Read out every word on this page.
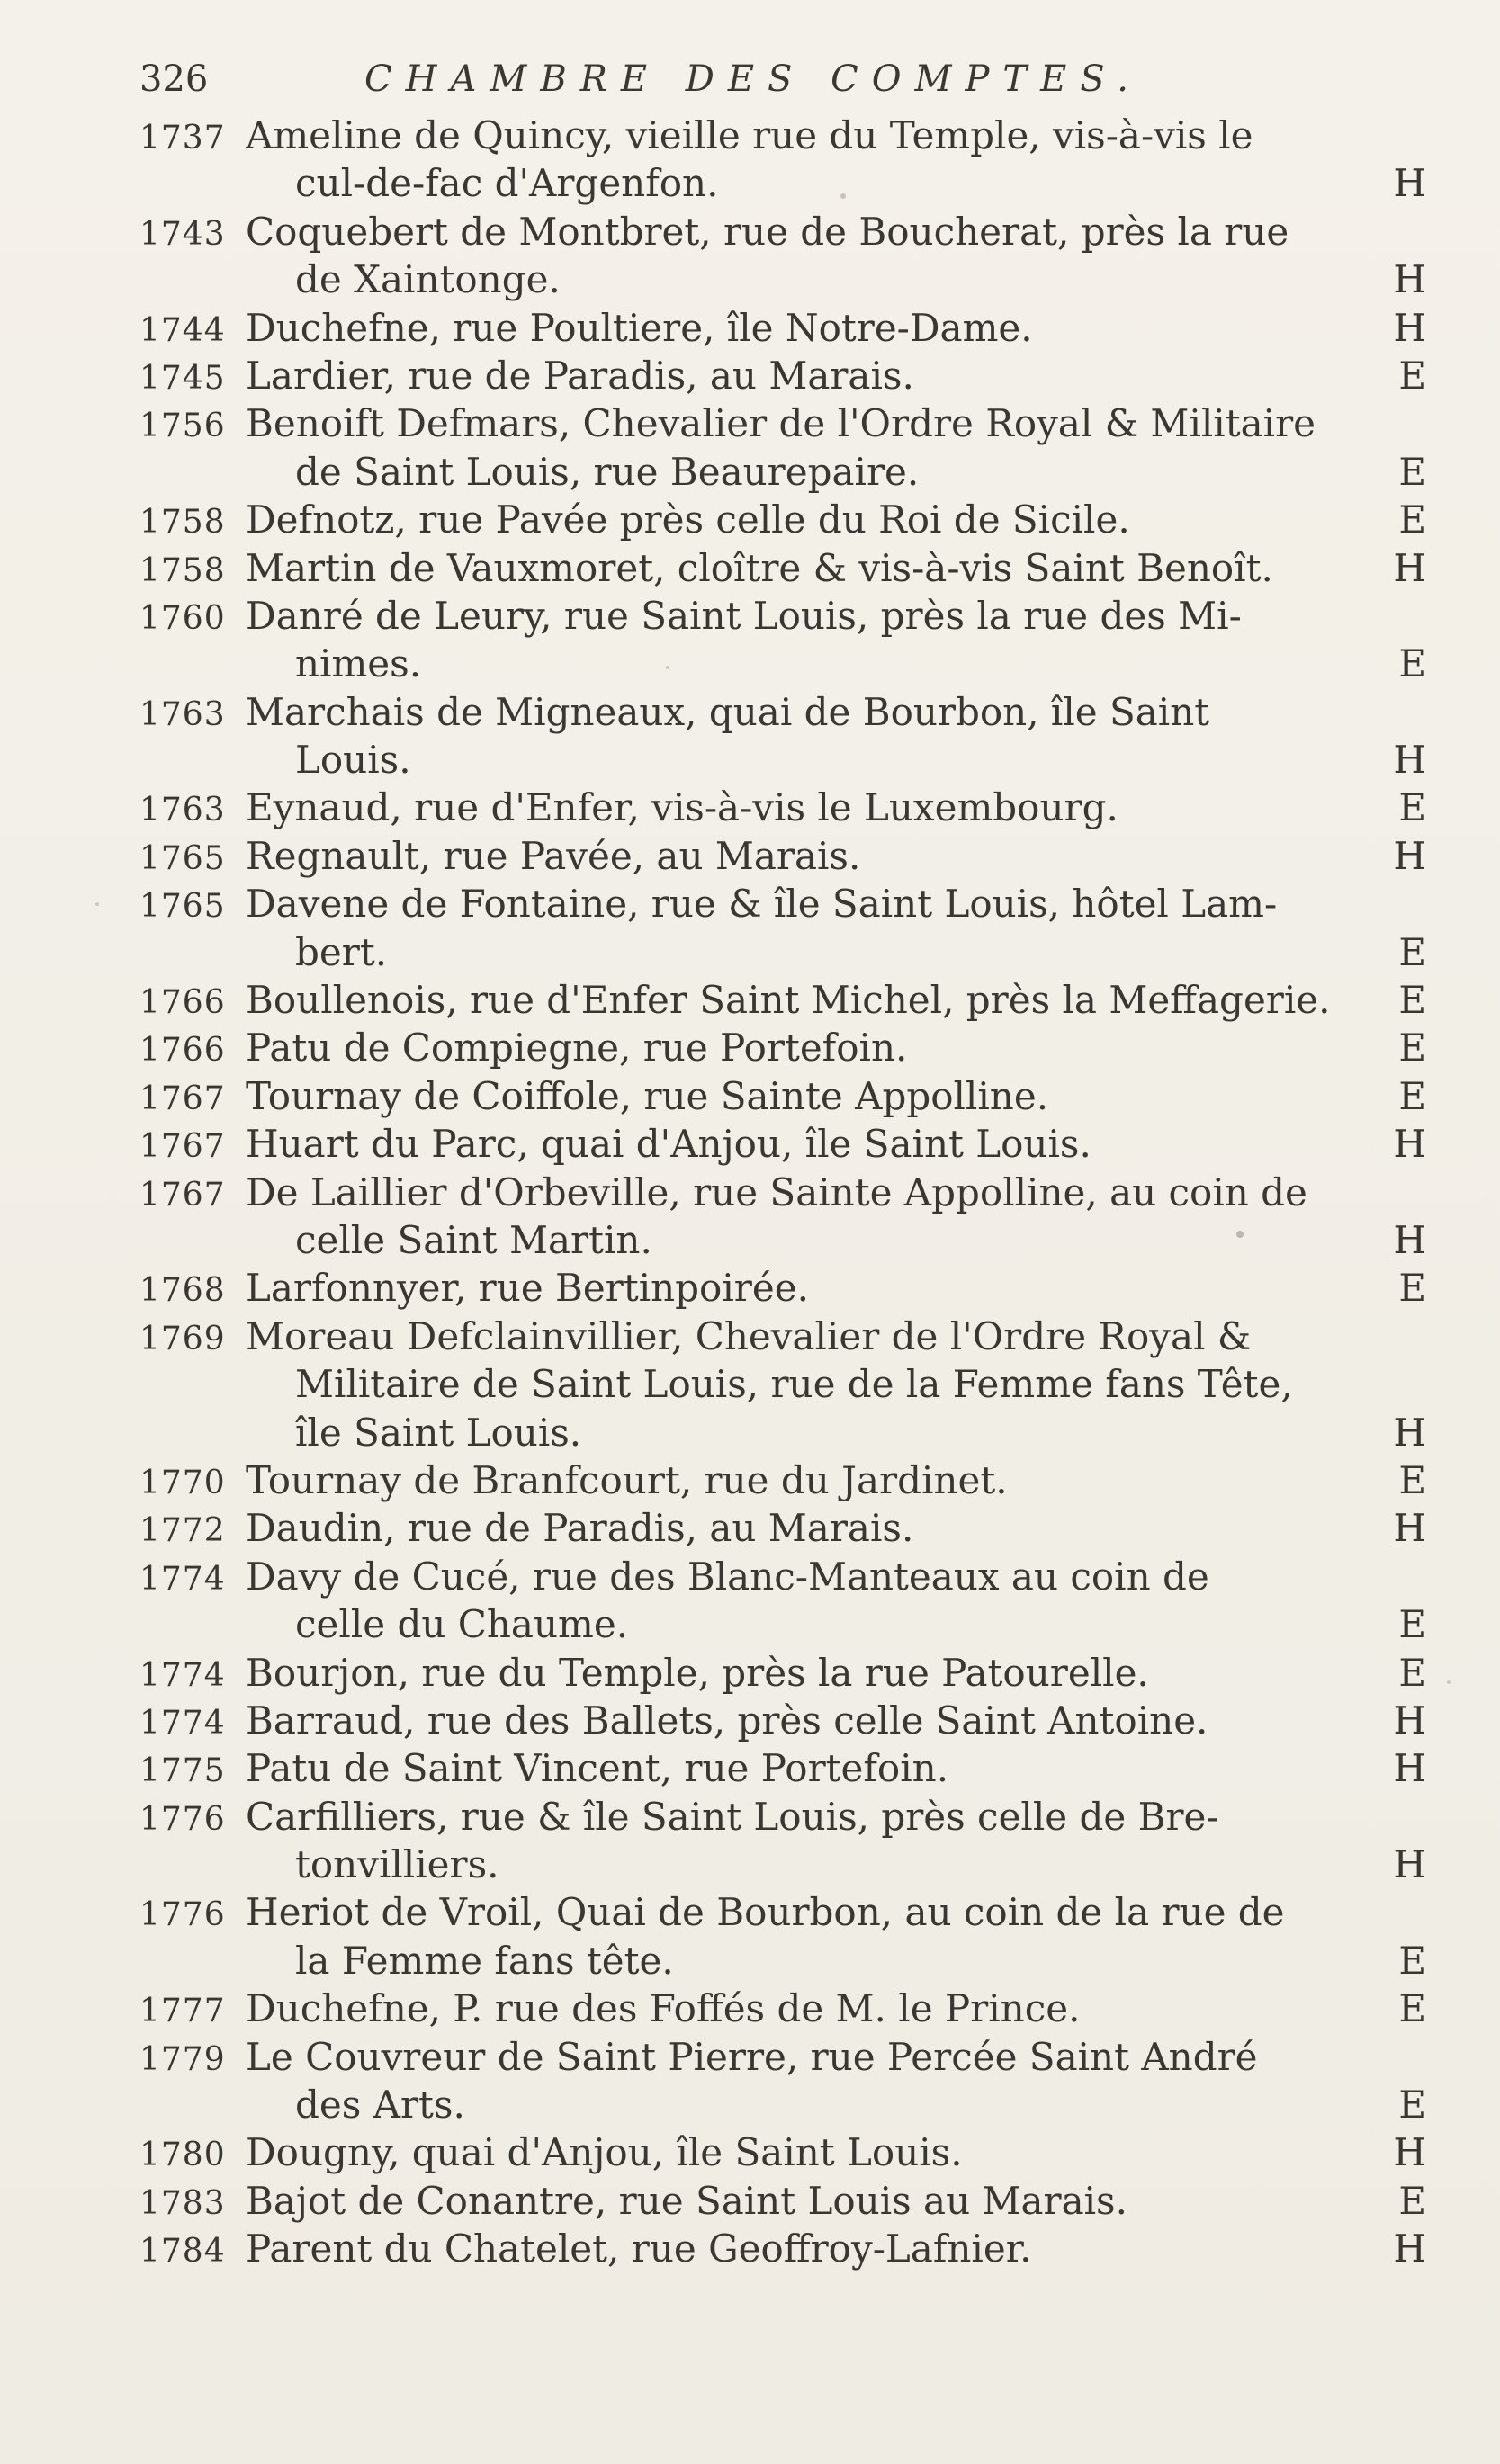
326	CHAMBRE DES COMPTES.
1737 Ameline de Quincy, vieille rue du Temple, vis-à-vis le
cul-de-fac d'Argenfon.	H
1743 Coquebert de Montbret, rue de Boucherat, près la rue
de Xaintonge.	H
1744 Duchefne, rue Poultiere, île Notre-Dame.	H
1745 Lardier, rue de Paradis, au Marais.	E
1756 Benoift Defmars, Chevalier de l'Ordre Royal & Militaire
de Saint Louis, rue Beaurepaire.	E
1758 Defnotz, rue Pavée près celle du Roi de Sicile.	E
1758 Martin de Vauxmoret, cloître & vis-à-vis Saint Benoît.	H
1760 Danré de Leury, rue Saint Louis, près la rue des Mi-
nimes.	E
1763 Marchais de Migneaux, quai de Bourbon, île Saint
Louis.	H
1763 Eynaud, rue d'Enfer, vis-à-vis le Luxembourg.	E
1765 Regnault, rue Pavée, au Marais.	H
1765 Davene de Fontaine, rue & île Saint Louis, hôtel Lam-
bert.	E
1766 Boullenois, rue d'Enfer Saint Michel, près la Meffagerie.	E
1766 Patu de Compiegne, rue Portefoin.	E
1767 Tournay de Coiffole, rue Sainte Appolline.	E
1767 Huart du Parc, quai d'Anjou, île Saint Louis.	H
1767 De Laillier d'Orbeville, rue Sainte Appolline, au coin de
celle Saint Martin.	H
1768 Larfonnyer, rue Bertinpoirée.	E
1769 Moreau Defclainvillier, Chevalier de l'Ordre Royal &
Militaire de Saint Louis, rue de la Femme fans Tête,
île Saint Louis.	H
1770 Tournay de Branfcourt, rue du Jardinet.	E
1772 Daudin, rue de Paradis, au Marais.	H
1774 Davy de Cucé, rue des Blanc-Manteaux au coin de
celle du Chaume.	E
1774 Bourjon, rue du Temple, près la rue Patourelle.	E
1774 Barraud, rue des Ballets, près celle Saint Antoine.	H
1775 Patu de Saint Vincent, rue Portefoin.	H
1776 Carfilliers, rue & île Saint Louis, près celle de Bre-
tonvilliers.	H
1776 Heriot de Vroil, Quai de Bourbon, au coin de la rue de
la Femme fans tête.	E
1777 Duchefne, P. rue des Foffés de M. le Prince.	E
1779 Le Couvreur de Saint Pierre, rue Percée Saint André
des Arts.	E
1780 Dougny, quai d'Anjou, île Saint Louis.	H
1783 Bajot de Conantre, rue Saint Louis au Marais.	E
1784 Parent du Chatelet, rue Geoffroy-Lafnier.	H
